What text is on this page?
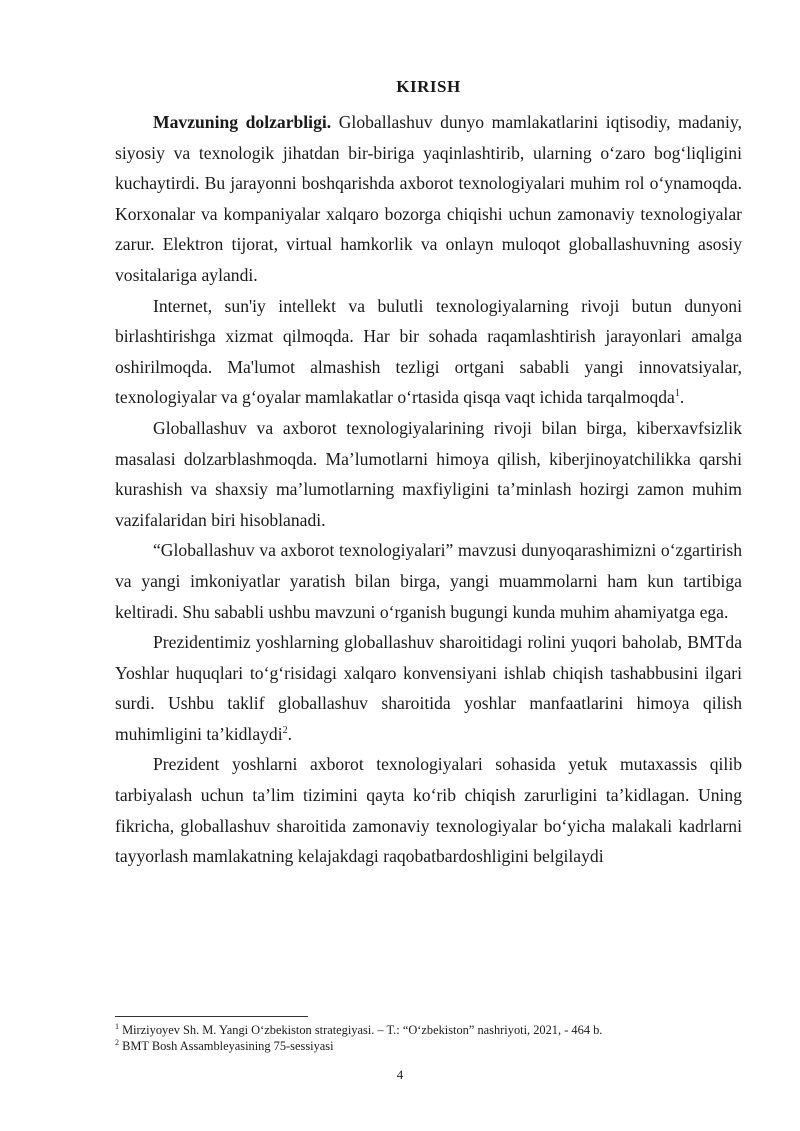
KIRISH

Mavzuning dolzarbligi. Globallashuv dunyo mamlakatlarini iqtisodiy, madaniy, siyosiy va texnologik jihatdan bir-biriga yaqinlashtirib, ularning oʻzaro bogʻliqligini kuchaytirdi. Bu jarayonni boshqarishda axborot texnologiyalari muhim rol oʻynamoqda. Korxonalar va kompaniyalar xalqaro bozorga chiqishi uchun zamonaviy texnologiyalar zarur. Elektron tijorat, virtual hamkorlik va onlayn muloqot globallashuvning asosiy vositalariga aylandi.

Internet, sun'iy intellekt va bulutli texnologiyalarning rivoji butun dunyoni birlashtirishga xizmat qilmoqda. Har bir sohada raqamlashtirish jarayonlari amalga oshirilmoqda. Ma'lumot almashish tezligi ortgani sababli yangi innovatsiyalar, texnologiyalar va gʻoyalar mamlakatlar oʻrtasida qisqa vaqt ichida tarqalmoqda$^1$.

Globallashuv va axborot texnologiyalarining rivoji bilan birga, kiberxavfsizlik masalasi dolzarblashmoqda. Ma’lumotlarni himoya qilish, kiberjinoyatchilikka qarshi kurashish va shaxsiy ma’lumotlarning maxfiyligini ta’minlash hozirgi zamon muhim vazifalaridan biri hisoblanadi.

“Globallashuv va axborot texnologiyalari” mavzusi dunyoqarashimizni oʻzgartirish va yangi imkoniyatlar yaratish bilan birga, yangi muammolarni ham kun tartibiga keltiradi. Shu sababli ushbu mavzuni oʻrganish bugungi kunda muhim ahamiyatga ega.

Prezidentimiz yoshlarning globallashuv sharoitidagi rolini yuqori baholab, BMTda Yoshlar huquqlari toʻgʻrisidagi xalqaro konvensiyani ishlab chiqish tashabbusini ilgari surdi. Ushbu taklif globallashuv sharoitida yoshlar manfaatlarini himoya qilish muhimligini ta’kidlaydi$^2$.

Prezident yoshlarni axborot texnologiyalari sohasida yetuk mutaxassis qilib tarbiyalash uchun ta’lim tizimini qayta koʻrib chiqish zarurligini ta’kidlagan. Uning fikricha, globallashuv sharoitida zamonaviy texnologiyalar boʻyicha malakali kadrlarni tayyorlash mamlakatning kelajakdagi raqobatbardoshligini belgilaydi

$^1$ Mirziyoyev Sh. M. Yangi Oʻzbekiston strategiyasi. – T.: “Oʻzbekiston” nashriyoti, 2021, - 464 b.
$^2$ BMT Bosh Assambleyasining 75-sessiyasi
4
